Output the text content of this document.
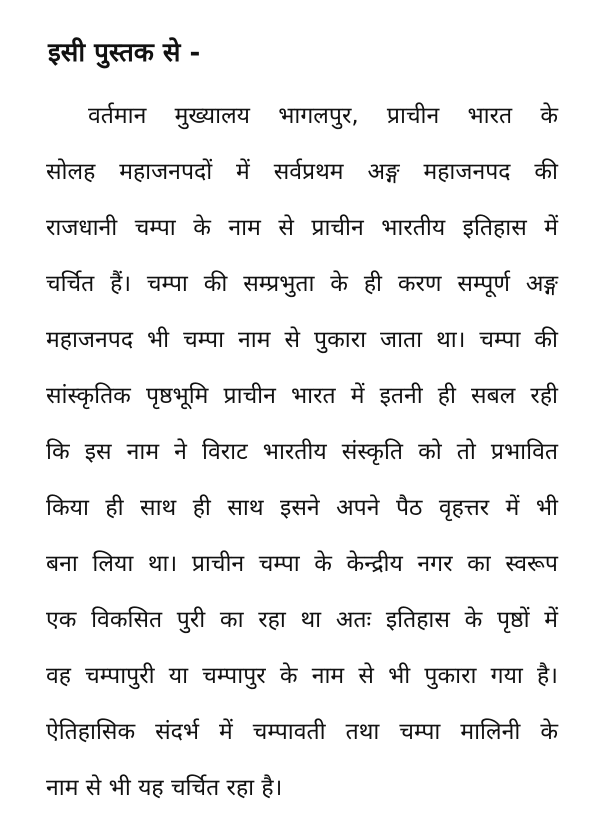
इसी पुस्तक से -
वर्तमान मुख्यालय भागलपुर, प्राचीन भारत के
सोलह महाजनपदों में सर्वप्रथम अङ्ग महाजनपद की
राजधानी चम्पा के नाम से प्राचीन भारतीय इतिहास में
चर्चित हैं। चम्पा की सम्प्रभुता के ही करण सम्पूर्ण अङ्ग
महाजनपद भी चम्पा नाम से पुकारा जाता था। चम्पा की
सांस्कृतिक पृष्ठभूमि प्राचीन भारत में इतनी ही सबल रही
कि इस नाम ने विराट भारतीय संस्कृति को तो प्रभावित
किया ही साथ ही साथ इसने अपने पैठ वृहत्तर में भी
बना लिया था। प्राचीन चम्पा के केन्द्रीय नगर का स्वरूप
एक विकसित पुरी का रहा था अतः इतिहास के पृष्ठों में
वह चम्पापुरी या चम्पापुर के नाम से भी पुकारा गया है।
ऐतिहासिक संदर्भ में चम्पावती तथा चम्पा मालिनी के
नाम से भी यह चर्चित रहा है।
